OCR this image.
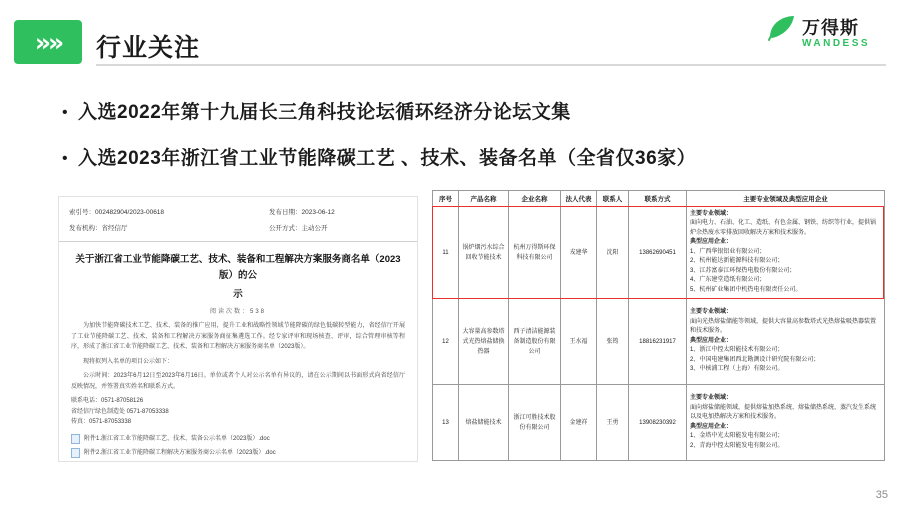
»» 行业关注
万得斯
WANDESS
• 入选2022年第十九届长三角科技论坛循环经济分论坛文集
• 入选2023年浙江省工业节能降碳工艺 、技术、装备名单（全省仅36家）
索引号：002482904/2023-00618	发布日期：2023-06-12
发布机构：省经信厅	公开方式：主动公开
关于浙江省工业节能降碳工艺、技术、装备和工程解决方案服务商名单（2023版）的公
示
阅读次数：538

为加快节能降碳技术工艺、技术、装备的推广应用，提升工业和战略性领域节能降碳的绿色低碳转型能力，省经信厅开展了工业节能降碳工艺、技术、装备和工程解决方案服务商征集遴选工作。经专家评审和现场核查、评审，综合管理审核等程序，形成了浙江省工业节能降碳工艺、技术、装备和工程解决方案服务商名单（2023版）。

现将拟列入名单的项目公示如下：

公示时间：2023年6月12日至2023年6月16日。单位或者个人对公示名单有异议的，请在公示期间以书面形式向省经信厅反映情况，并签署真实姓名和联系方式。

联系电话：0571-87058126
省经信厅绿色制造处 0571-87053338
传真：0571-87053338
附件1.浙江省工业节能降碳工艺、技术、装备公示名单（2023版）.doc
附件2.浙江省工业节能降碳工程解决方案服务商公示名单（2023版）.doc
序号	产品名称	企业名称	法人代表	联系人	联系方式	主要专业领域及典型应用企业
11	锅炉烟污水综合回收节能技术	杭州万得斯环保科技有限公司	戎建华	沈阳	13862690451	
主要专业领域：
面向电力、石油、化工、造纸、有色金属、钢铁、纺织等行业，提供锅炉余热废水零排放回收解决方案和技术服务。
典型应用企业：
1、广西华银铝业有限公司；
2、杭州能达新能源科技有限公司；
3、江苏富泰江环保热电股份有限公司；
4、广东建堂造纸有限公司；
5、杭州矿业集团中机热电有限责任公司。

12	大容量高参数塔式光热熔盐储换热器	西子清洁能源装备制造股份有限公司	王水福	张筠	18816231917	
主要专业领域：
面向光热熔盐储能等领域，提供大容量高参数塔式光热熔盐吸热器装置和技术服务。
典型应用企业：
1、浙江中控太阳能技术有限公司；
2、中国电建集团西北勘测设计研究院有限公司；
3、中核浦工程（上海）有限公司。

13	熔盐储能技术	浙江可胜技术股份有限公司	金建祥	王勇	13908230392	主要专业领域：
面向熔盐储能领域，提供熔盐加热系统、熔盐储热系统、蒸汽发生系统以及电加热解决方案和技术服务。
典型应用企业：
1、金塔中光太阳能发电有限公司；
2、青海中控太阳能发电有限公司。
35
